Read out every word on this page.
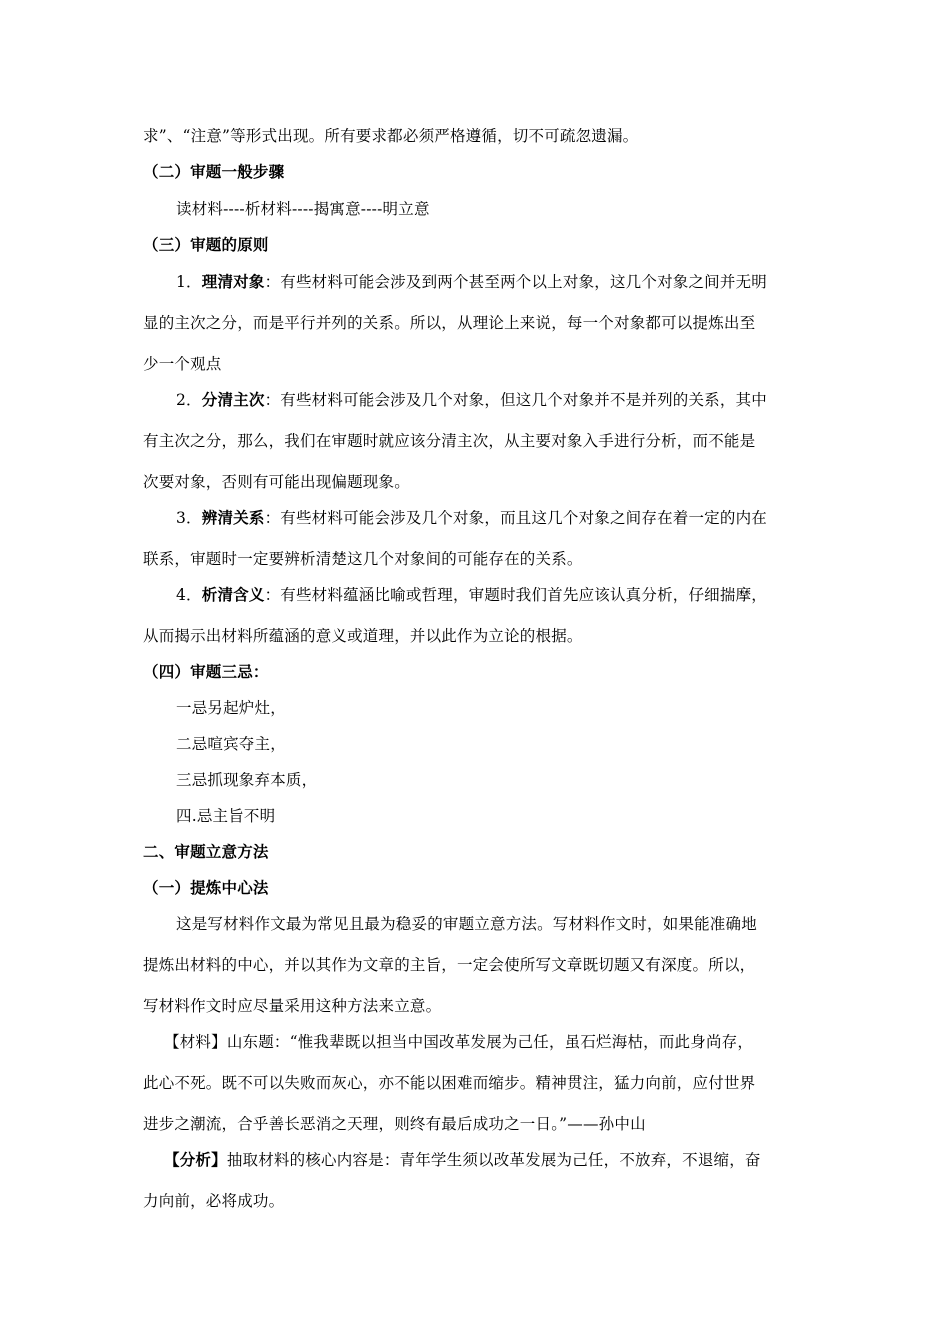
求”、“注意”等形式出现。所有要求都必须严格遵循，切不可疏忽遗漏。
（二）审题一般步骤
读材料----析材料----揭寓意----明立意
（三）审题的原则
1．理清对象：有些材料可能会涉及到两个甚至两个以上对象，这几个对象之间并无明
显的主次之分，而是平行并列的关系。所以，从理论上来说，每一个对象都可以提炼出至
少一个观点
2．分清主次：有些材料可能会涉及几个对象，但这几个对象并不是并列的关系，其中
有主次之分，那么，我们在审题时就应该分清主次，从主要对象入手进行分析，而不能是
次要对象，否则有可能出现偏题现象。
3．辨清关系：有些材料可能会涉及几个对象，而且这几个对象之间存在着一定的内在
联系，审题时一定要辨析清楚这几个对象间的可能存在的关系。
4．析清含义：有些材料蕴涵比喻或哲理，审题时我们首先应该认真分析，仔细揣摩，
从而揭示出材料所蕴涵的意义或道理，并以此作为立论的根据。
（四）审题三忌：
一忌另起炉灶，
二忌喧宾夺主，
三忌抓现象弃本质，
四.忌主旨不明
二、审题立意方法
（一）提炼中心法
这是写材料作文最为常见且最为稳妥的审题立意方法。写材料作文时，如果能准确地
提炼出材料的中心，并以其作为文章的主旨，一定会使所写文章既切题又有深度。所以，
写材料作文时应尽量采用这种方法来立意。
【材料】山东题：“惟我辈既以担当中国改革发展为己任，虽石烂海枯，而此身尚存，
此心不死。既不可以失败而灰心，亦不能以困难而缩步。精神贯注，猛力向前，应付世界
进步之潮流，合乎善长恶消之天理，则终有最后成功之一日。”——孙中山
【分析】抽取材料的核心内容是：青年学生须以改革发展为己任，不放弃，不退缩，奋
力向前，必将成功。
